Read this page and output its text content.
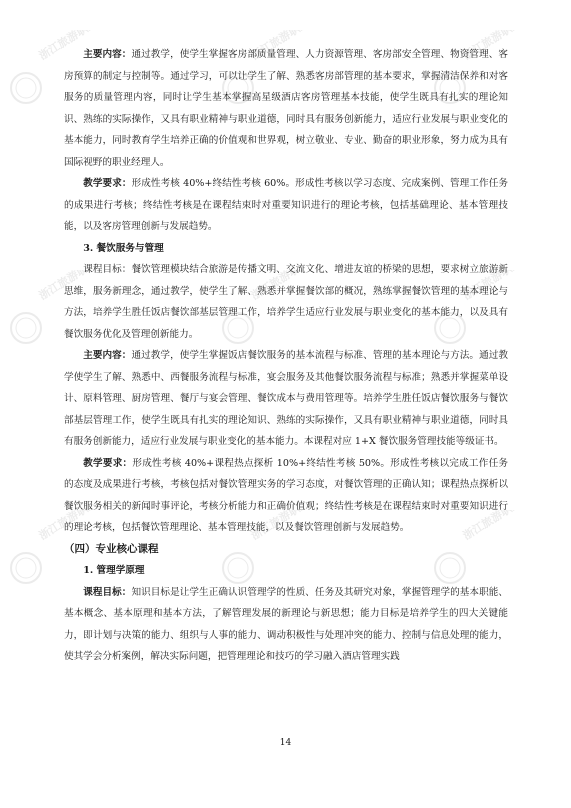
浙江旅游职业学院	浙江旅游职业学院	浙江旅游职业学院
浙江旅游职业学院	浙江旅游职业学院	浙江旅游职业学院
浙江旅游职业学院	浙江旅游职业学院	浙江旅游职业学院

主要内容：通过教学，使学生掌握客房部质量管理、人力资源管理、客房部安全管理、物资管理、客房预算的制定与控制等。通过学习，可以让学生了解、熟悉客房部管理的基本要求，掌握清洁保养和对客服务的质量管理内容，同时让学生基本掌握高星级酒店客房管理基本技能，使学生既具有扎实的理论知识、熟练的实际操作，又具有职业精神与职业道德，同时具有服务创新能力，适应行业发展与职业变化的基本能力，同时教育学生培养正确的价值观和世界观，树立敬业、专业、勤奋的职业形象，努力成为具有国际视野的职业经理人。

教学要求：形成性考核 40%+终结性考核 60%。形成性考核以学习态度、完成案例、管理工作任务的成果进行考核；终结性考核是在课程结束时对重要知识进行的理论考核，包括基础理论、基本管理技能，以及客房管理创新与发展趋势。

3. 餐饮服务与管理

课程目标：餐饮管理模块结合旅游是传播文明、交流文化、增进友谊的桥梁的思想，要求树立旅游新思维，服务新理念，通过教学，使学生了解、熟悉并掌握餐饮部的概况，熟练掌握餐饮管理的基本理论与方法，培养学生胜任饭店餐饮部基层管理工作，培养学生适应行业发展与职业变化的基本能力，以及具有餐饮服务优化及管理创新能力。

主要内容：通过教学，使学生掌握饭店餐饮服务的基本流程与标准、管理的基本理论与方法。通过教学使学生了解、熟悉中、西餐服务流程与标准，宴会服务及其他餐饮服务流程与标准；熟悉并掌握菜单设计、原料管理、厨房管理、餐厅与宴会管理、餐饮成本与费用管理等。培养学生胜任饭店餐饮服务与餐饮部基层管理工作，使学生既具有扎实的理论知识、熟练的实际操作，又具有职业精神与职业道德，同时具有服务创新能力，适应行业发展与职业变化的基本能力。本课程对应 1+X 餐饮服务管理技能等级证书。

教学要求：形成性考核 40%+课程热点探析 10%+终结性考核 50%。形成性考核以完成工作任务的态度及成果进行考核，考核包括对餐饮管理实务的学习态度，对餐饮管理的正确认知；课程热点探析以餐饮服务相关的新闻时事评论，考核分析能力和正确价值观；终结性考核是在课程结束时对重要知识进行的理论考核，包括餐饮管理理论、基本管理技能，以及餐饮管理创新与发展趋势。

（四）专业核心课程

1. 管理学原理

课程目标：知识目标是让学生正确认识管理学的性质、任务及其研究对象，掌握管理学的基本职能、基本概念、基本原理和基本方法，了解管理发展的新理论与新思想；能力目标是培养学生的四大关键能力，即计划与决策的能力、组织与人事的能力、调动积极性与处理冲突的能力、控制与信息处理的能力，使其学会分析案例，解决实际问题，把管理理论和技巧的学习融入酒店管理实践

14
